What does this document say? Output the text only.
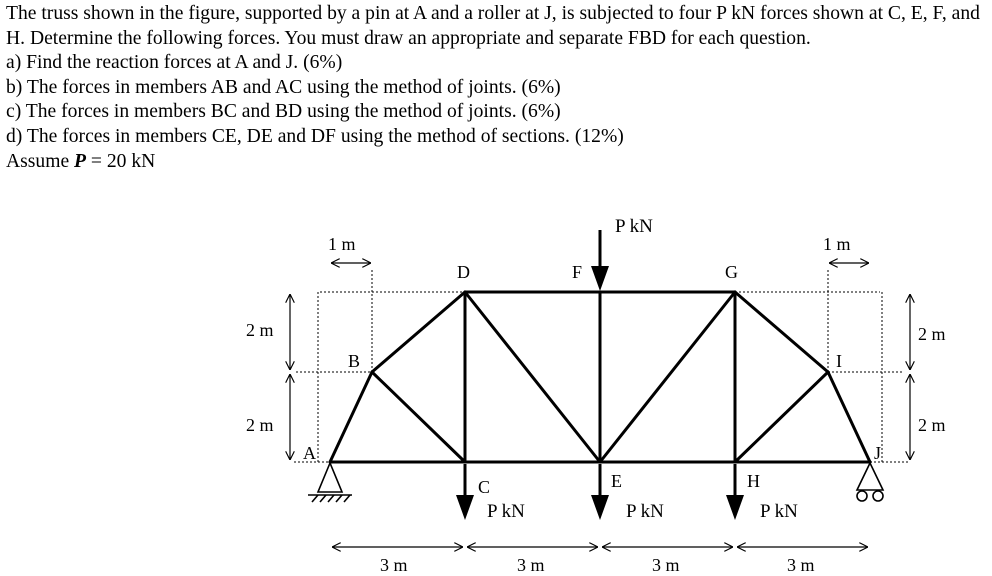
The truss shown in the figure, supported by a pin at A and a roller at J, is subjected to four P kN forces shown at C, E, F, and H. Determine the following forces. You must draw an appropriate and separate FBD for each question.

a) Find the reaction forces at A and J. (6%)

b) The forces in members AB and AC using the method of joints. (6%)

c) The forces in members BC and BD using the method of joints. (6%)

d) The forces in members CE, DE and DF using the method of sections. (12%)

Assume P = 20 kN

A
B
C
D
E
F	G
H
I
J
P kN
P kN	P kN	P kN
1 m	1 m
2 m
2 m
2 m
2 m
3 m	3 m	3 m	3 m
